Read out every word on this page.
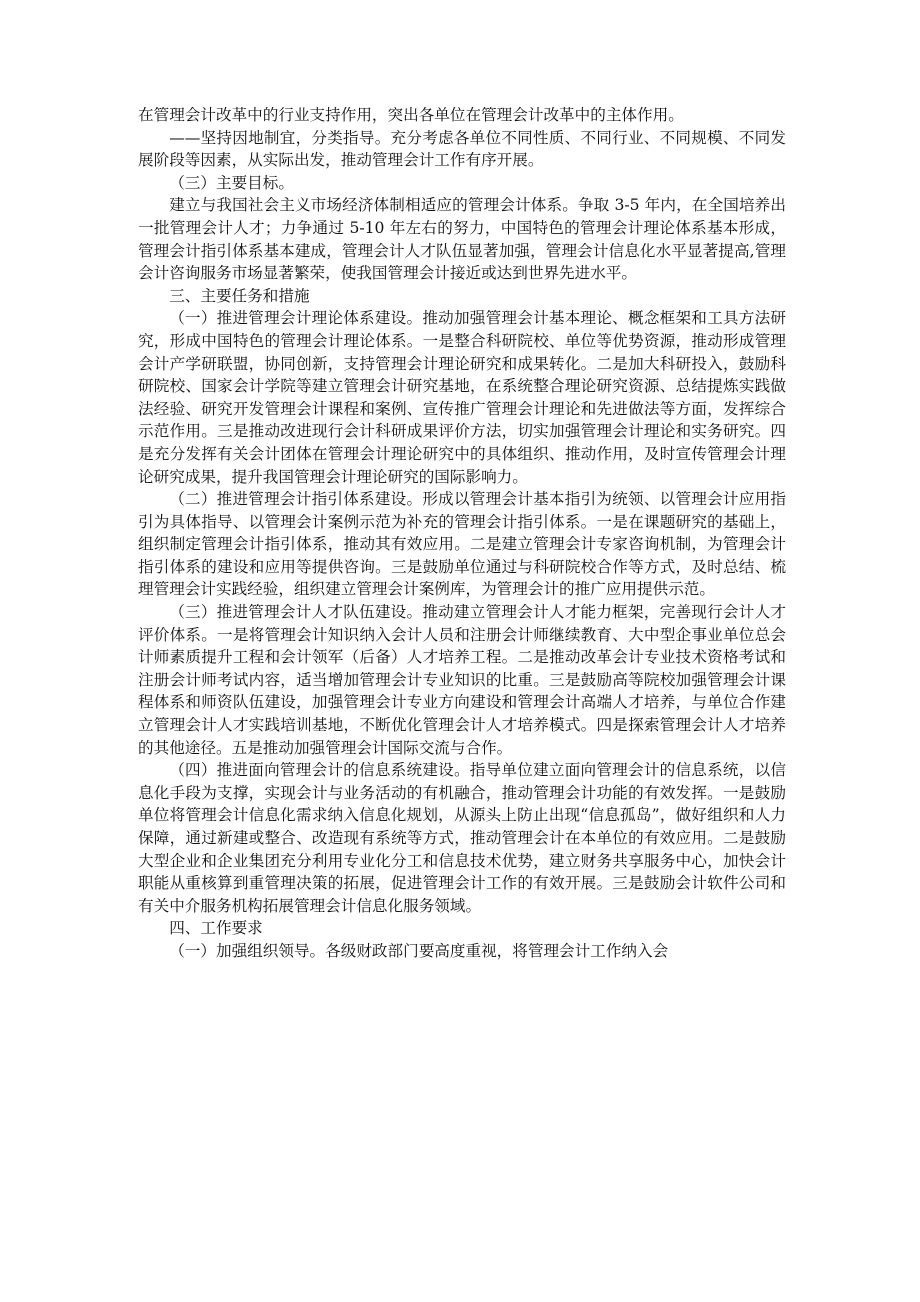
在管理会计改革中的行业支持作用，突出各单位在管理会计改革中的主体作用。

——坚持因地制宜，分类指导。充分考虑各单位不同性质、不同行业、不同规模、不同发展阶段等因素，从实际出发，推动管理会计工作有序开展。

（三）主要目标。

建立与我国社会主义市场经济体制相适应的管理会计体系。争取 3-5 年内，在全国培养出一批管理会计人才；力争通过 5-10 年左右的努力，中国特色的管理会计理论体系基本形成，管理会计指引体系基本建成，管理会计人才队伍显著加强，管理会计信息化水平显著提高,管理会计咨询服务市场显著繁荣，使我国管理会计接近或达到世界先进水平。

三、主要任务和措施

（一）推进管理会计理论体系建设。推动加强管理会计基本理论、概念框架和工具方法研究，形成中国特色的管理会计理论体系。一是整合科研院校、单位等优势资源，推动形成管理会计产学研联盟，协同创新，支持管理会计理论研究和成果转化。二是加大科研投入，鼓励科研院校、国家会计学院等建立管理会计研究基地，在系统整合理论研究资源、总结提炼实践做法经验、研究开发管理会计课程和案例、宣传推广管理会计理论和先进做法等方面，发挥综合示范作用。三是推动改进现行会计科研成果评价方法，切实加强管理会计理论和实务研究。四是充分发挥有关会计团体在管理会计理论研究中的具体组织、推动作用，及时宣传管理会计理论研究成果，提升我国管理会计理论研究的国际影响力。

（二）推进管理会计指引体系建设。形成以管理会计基本指引为统领、以管理会计应用指引为具体指导、以管理会计案例示范为补充的管理会计指引体系。一是在课题研究的基础上，组织制定管理会计指引体系，推动其有效应用。二是建立管理会计专家咨询机制，为管理会计指引体系的建设和应用等提供咨询。三是鼓励单位通过与科研院校合作等方式，及时总结、梳理管理会计实践经验，组织建立管理会计案例库，为管理会计的推广应用提供示范。

（三）推进管理会计人才队伍建设。推动建立管理会计人才能力框架，完善现行会计人才评价体系。一是将管理会计知识纳入会计人员和注册会计师继续教育、大中型企事业单位总会计师素质提升工程和会计领军（后备）人才培养工程。二是推动改革会计专业技术资格考试和注册会计师考试内容，适当增加管理会计专业知识的比重。三是鼓励高等院校加强管理会计课程体系和师资队伍建设，加强管理会计专业方向建设和管理会计高端人才培养，与单位合作建立管理会计人才实践培训基地，不断优化管理会计人才培养模式。四是探索管理会计人才培养的其他途径。五是推动加强管理会计国际交流与合作。

（四）推进面向管理会计的信息系统建设。指导单位建立面向管理会计的信息系统，以信息化手段为支撑，实现会计与业务活动的有机融合，推动管理会计功能的有效发挥。一是鼓励单位将管理会计信息化需求纳入信息化规划，从源头上防止出现“信息孤岛”，做好组织和人力保障，通过新建或整合、改造现有系统等方式，推动管理会计在本单位的有效应用。二是鼓励大型企业和企业集团充分利用专业化分工和信息技术优势，建立财务共享服务中心，加快会计职能从重核算到重管理决策的拓展，促进管理会计工作的有效开展。三是鼓励会计软件公司和有关中介服务机构拓展管理会计信息化服务领域。

四、工作要求

（一）加强组织领导。各级财政部门要高度重视，将管理会计工作纳入会
